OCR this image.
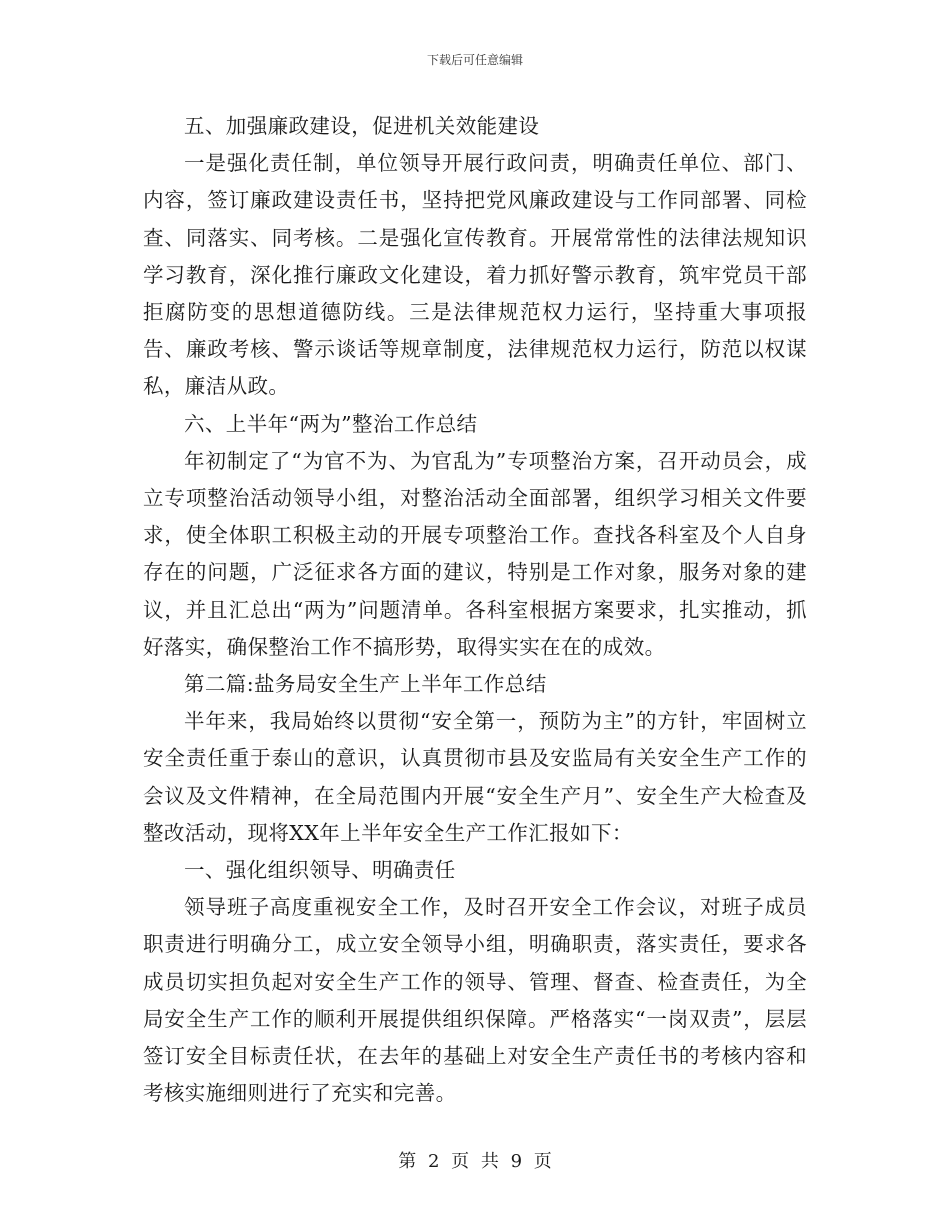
下载后可任意编辑

五、加强廉政建设，促进机关效能建设

一是强化责任制，单位领导开展行政问责，明确责任单位、部门、内容，签订廉政建设责任书，坚持把党风廉政建设与工作同部署、同检查、同落实、同考核。二是强化宣传教育。开展常常性的法律法规知识学习教育，深化推行廉政文化建设，着力抓好警示教育，筑牢党员干部拒腐防变的思想道德防线。三是法律规范权力运行，坚持重大事项报告、廉政考核、警示谈话等规章制度，法律规范权力运行，防范以权谋私，廉洁从政。

六、上半年“两为”整治工作总结

年初制定了“为官不为、为官乱为”专项整治方案，召开动员会，成立专项整治活动领导小组，对整治活动全面部署，组织学习相关文件要求，使全体职工积极主动的开展专项整治工作。查找各科室及个人自身存在的问题，广泛征求各方面的建议，特别是工作对象，服务对象的建议，并且汇总出“两为”问题清单。各科室根据方案要求，扎实推动，抓好落实，确保整治工作不搞形势，取得实实在在的成效。

第二篇:盐务局安全生产上半年工作总结

半年来，我局始终以贯彻“安全第一，预防为主”的方针，牢固树立安全责任重于泰山的意识，认真贯彻市县及安监局有关安全生产工作的会议及文件精神，在全局范围内开展“安全生产月”、安全生产大检查及整改活动，现将XX年上半年安全生产工作汇报如下：

一、强化组织领导、明确责任

领导班子高度重视安全工作，及时召开安全工作会议，对班子成员职责进行明确分工，成立安全领导小组，明确职责，落实责任，要求各成员切实担负起对安全生产工作的领导、管理、督查、检查责任，为全局安全生产工作的顺利开展提供组织保障。严格落实“一岗双责”，层层签订安全目标责任状，在去年的基础上对安全生产责任书的考核内容和考核实施细则进行了充实和完善。

第 2 页 共 9 页
